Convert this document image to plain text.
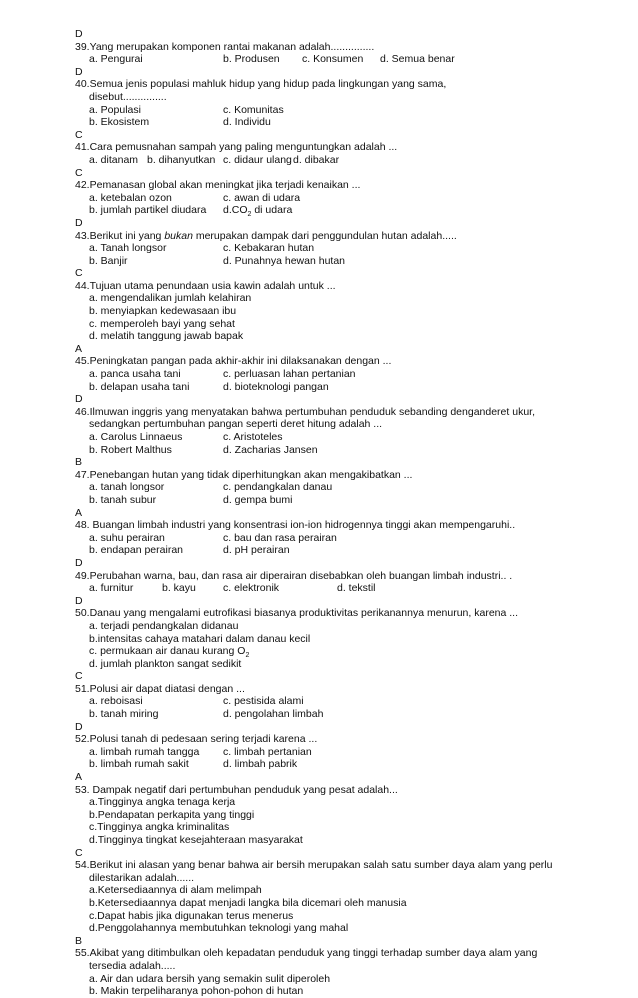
D
39.Yang merupakan komponen rantai makanan adalah...............
a. Pengurai	b. Produsen c. Konsumen d. Semua benar
D
40.Semua jenis populasi mahluk hidup yang hidup pada lingkungan yang sama,
disebut...............
a. Populasi	c. Komunitas
b. Ekosistem	d. Individu
C
41.Cara pemusnahan sampah yang paling menguntungkan adalah ...
a. ditanam b. dihanyutkan c. didaur ulangd. dibakar
C
42.Pemanasan global akan meningkat jika terjadi kenaikan ...
a. ketebalan ozon	c. awan di udara
b. jumlah partikel diudara $d.CO_2$ di udara
D
43.Berikut ini yang bukan merupakan dampak dari penggundulan hutan adalah.....
a. Tanah longsor	c. Kebakaran hutan
b. Banjir	d. Punahnya hewan hutan
C
44.Tujuan utama penundaan usia kawin adalah untuk ...
a. mengendalikan jumlah kelahiran
b. menyiapkan kedewasaan ibu
c. memperoleh bayi yang sehat
d. melatih tanggung jawab bapak
A
45.Peningkatan pangan pada akhir-akhir ini dilaksanakan dengan ...
a. panca usaha tani	c. perluasan lahan pertanian
b. delapan usaha tani	d. bioteknologi pangan
D
46.Ilmuwan inggris yang menyatakan bahwa pertumbuhan penduduk sebanding denganderet ukur,
sedangkan pertumbuhan pangan seperti deret hitung adalah ...
a. Carolus Linnaeus	c. Aristoteles
b. Robert Malthus	d. Zacharias Jansen
B
47.Penebangan hutan yang tidak diperhitungkan akan mengakibatkan ...
a. tanah longsor	c. pendangkalan danau
b. tanah subur	d. gempa bumi
A
48. Buangan limbah industri yang konsentrasi ion-ion hidrogennya tinggi akan mempengaruhi..
a. suhu perairan	c. bau dan rasa perairan
b. endapan perairan	d. pH perairan
D
49.Perubahan warna, bau, dan rasa air diperairan disebabkan oleh buangan limbah industri.. .
a. furnitur	b. kayu	c. elektronik	d. tekstil
D
50.Danau yang mengalami eutrofikasi biasanya produktivitas perikanannya menurun, karena ...
a. terjadi pendangkalan didanau
b.intensitas cahaya matahari dalam danau kecil
c. permukaan air danau kurang $O_2$
d. jumlah plankton sangat sedikit
C
51.Polusi air dapat diatasi dengan ...
a. reboisasi	c. pestisida alami
b. tanah miring	d. pengolahan limbah
D
52.Polusi tanah di pedesaan sering terjadi karena ...
a. limbah rumah tangga c. limbah pertanian
b. limbah rumah sakit	d. limbah pabrik
A
53. Dampak negatif dari pertumbuhan penduduk yang pesat adalah...
a.Tingginya angka tenaga kerja
b.Pendapatan perkapita yang tinggi
c.Tingginya angka kriminalitas
d.Tingginya tingkat kesejahteraan masyarakat
C
54.Berikut ini alasan yang benar bahwa air bersih merupakan salah satu sumber daya alam yang perlu
dilestarikan adalah......
a.Ketersediaannya di alam melimpah
b.Ketersediaannya dapat menjadi langka bila dicemari oleh manusia
c.Dapat habis jika digunakan terus menerus
d.Penggolahannya membutuhkan teknologi yang mahal
B
55.Akibat yang ditimbulkan oleh kepadatan penduduk yang tinggi terhadap sumber daya alam yang
tersedia adalah.....
a. Air dan udara bersih yang semakin sulit diperoleh
b. Makin terpeliharanya pohon-pohon di hutan
